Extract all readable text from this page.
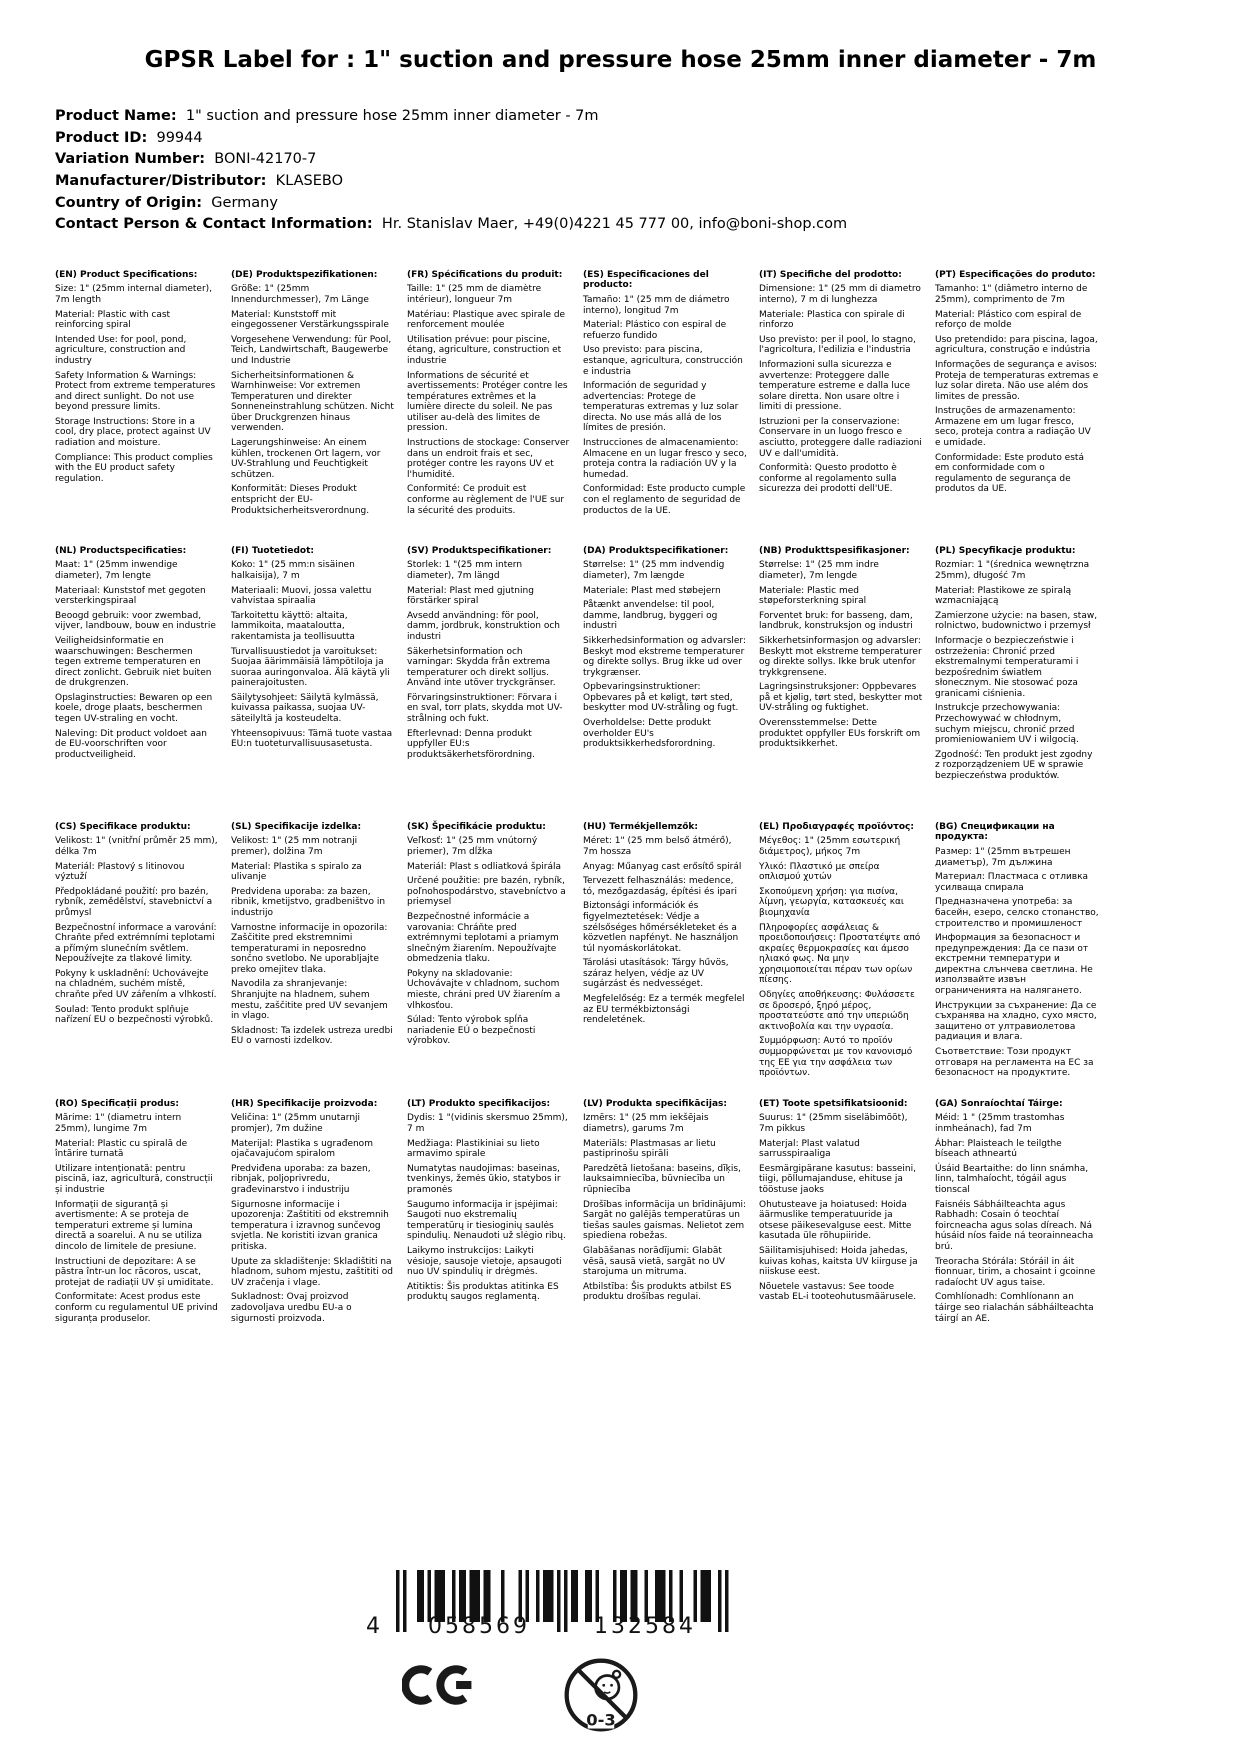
GPSR Label for : 1" suction and pressure hose 25mm inner diameter - 7m
Product Name:  1" suction and pressure hose 25mm inner diameter - 7m
Product ID:  99944
Variation Number:  BONI-42170-7
Manufacturer/Distributor:  KLASEBO
Country of Origin:  Germany
Contact Person & Contact Information:  Hr. Stanislav Maer, +49(0)4221 45 777 00, info@boni-shop.com
(EN) Product Specifications:

Size: 1" (25mm internal diameter), 7m length

Material: Plastic with cast reinforcing spiral

Intended Use: for pool, pond, agriculture, construction and industry

Safety Information & Warnings: Protect from extreme temperatures and direct sunlight. Do not use beyond pressure limits.

Storage Instructions: Store in a cool, dry place, protect against UV radiation and moisture.

Compliance: This product complies with the EU product safety regulation.

(DE) Produktspezifikationen:

Größe: 1" (25mm Innendurchmesser), 7m Länge

Material: Kunststoff mit eingegossener Verstärkungsspirale

Vorgesehene Verwendung: für Pool, Teich, Landwirtschaft, Baugewerbe und Industrie

Sicherheitsinformationen & Warnhinweise: Vor extremen Temperaturen und direkter Sonneneinstrahlung schützen. Nicht über Druckgrenzen hinaus verwenden.

Lagerungshinweise: An einem kühlen, trockenen Ort lagern, vor UV-Strahlung und Feuchtigkeit schützen.

Konformität: Dieses Produkt entspricht der EU-Produktsicherheitsverordnung.

(FR) Spécifications du produit:

Taille: 1" (25 mm de diamètre intérieur), longueur 7m

Matériau: Plastique avec spirale de renforcement moulée

Utilisation prévue: pour piscine, étang, agriculture, construction et industrie

Informations de sécurité et avertissements: Protéger contre les températures extrêmes et la lumière directe du soleil. Ne pas utiliser au-delà des limites de pression.

Instructions de stockage: Conserver dans un endroit frais et sec, protéger contre les rayons UV et l'humidité.

Conformité: Ce produit est conforme au règlement de l'UE sur la sécurité des produits.

(ES) Especificaciones del producto:

Tamaño: 1" (25 mm de diámetro interno), longitud 7m

Material: Plástico con espiral de refuerzo fundido

Uso previsto: para piscina, estanque, agricultura, construcción e industria

Información de seguridad y advertencias: Protege de temperaturas extremas y luz solar directa. No use más allá de los límites de presión.

Instrucciones de almacenamiento: Almacene en un lugar fresco y seco, proteja contra la radiación UV y la humedad.

Conformidad: Este producto cumple con el reglamento de seguridad de productos de la UE.

(IT) Specifiche del prodotto:

Dimensione: 1" (25 mm di diametro interno), 7 m di lunghezza

Materiale: Plastica con spirale di rinforzo

Uso previsto: per il pool, lo stagno, l'agricoltura, l'edilizia e l'industria

Informazioni sulla sicurezza e avvertenze: Proteggere dalle temperature estreme e dalla luce solare diretta. Non usare oltre i limiti di pressione.

Istruzioni per la conservazione: Conservare in un luogo fresco e asciutto, proteggere dalle radiazioni UV e dall'umidità.

Conformità: Questo prodotto è conforme al regolamento sulla sicurezza dei prodotti dell'UE.

(PT) Especificações do produto:

Tamanho: 1" (diâmetro interno de 25mm), comprimento de 7m

Material: Plástico com espiral de reforço de molde

Uso pretendido: para piscina, lagoa, agricultura, construção e indústria

Informações de segurança e avisos: Proteja de temperaturas extremas e luz solar direta. Não use além dos limites de pressão.

Instruções de armazenamento: Armazene em um lugar fresco, seco, proteja contra a radiação UV e umidade.

Conformidade: Este produto está em conformidade com o regulamento de segurança de produtos da UE.

(NL) Productspecificaties:

Maat: 1" (25mm inwendige diameter), 7m lengte

Materiaal: Kunststof met gegoten versterkingspiraal

Beoogd gebruik: voor zwembad, vijver, landbouw, bouw en industrie

Veiligheidsinformatie en waarschuwingen: Beschermen tegen extreme temperaturen en direct zonlicht. Gebruik niet buiten de drukgrenzen.

Opslaginstructies: Bewaren op een koele, droge plaats, beschermen tegen UV-straling en vocht.

Naleving: Dit product voldoet aan de EU-voorschriften voor productveiligheid.

(FI) Tuotetiedot:

Koko: 1" (25 mm:n sisäinen halkaisija), 7 m

Materiaali: Muovi, jossa valettu vahvistaa spiraalia

Tarkoitettu käyttö: altaita, lammikoita, maataloutta, rakentamista ja teollisuutta

Turvallisuustiedot ja varoitukset: Suojaa äärimmäisiä lämpötiloja ja suoraa auringonvaloa. Älä käytä yli painerajoitusten.

Säilytysohjeet: Säilytä kylmässä, kuivassa paikassa, suojaa UV-säteilyltä ja kosteudelta.

Yhteensopivuus: Tämä tuote vastaa EU:n tuoteturvallisuusasetusta.

(SV) Produktspecifikationer:

Storlek: 1 "(25 mm intern diameter), 7m längd

Material: Plast med gjutning förstärker spiral

Avsedd användning: för pool, damm, jordbruk, konstruktion och industri

Säkerhetsinformation och varningar: Skydda från extrema temperaturer och direkt solljus. Använd inte utöver tryckgränser.

Förvaringsinstruktioner: Förvara i en sval, torr plats, skydda mot UV-strålning och fukt.

Efterlevnad: Denna produkt uppfyller EU:s produktsäkerhetsförordning.

(DA) Produktspecifikationer:

Størrelse: 1" (25 mm indvendig diameter), 7m længde

Materiale: Plast med støbejern

Påtænkt anvendelse: til pool, damme, landbrug, byggeri og industri

Sikkerhedsinformation og advarsler: Beskyt mod ekstreme temperaturer og direkte sollys. Brug ikke ud over trykgrænser.

Opbevaringsinstruktioner: Opbevares på et køligt, tørt sted, beskytter mod UV-stråling og fugt.

Overholdelse: Dette produkt overholder EU's produktsikkerhedsforordning.

(NB) Produkttspesifikasjoner:

Størrelse: 1" (25 mm indre diameter), 7m lengde

Materiale: Plastic med støpeforsterkning spiral

Forventet bruk: for basseng, dam, landbruk, konstruksjon og industri

Sikkerhetsinformasjon og advarsler: Beskytt mot ekstreme temperaturer og direkte sollys. Ikke bruk utenfor trykkgrensene.

Lagringsinstruksjoner: Oppbevares på et kjølig, tørt sted, beskytter mot UV-stråling og fuktighet.

Overensstemmelse: Dette produktet oppfyller EUs forskrift om produktsikkerhet.

(PL) Specyfikacje produktu:

Rozmiar: 1 "(średnica wewnętrzna 25mm), długość 7m

Materiał: Plastikowe ze spiralą wzmacniającą

Zamierzone użycie: na basen, staw, rolnictwo, budownictwo i przemysł

Informacje o bezpieczeństwie i ostrzeżenia: Chronić przed ekstremalnymi temperaturami i bezpośrednim światłem słonecznym. Nie stosować poza granicami ciśnienia.

Instrukcje przechowywania: Przechowywać w chłodnym, suchym miejscu, chronić przed promieniowaniem UV i wilgocią.

Zgodność: Ten produkt jest zgodny z rozporządzeniem UE w sprawie bezpieczeństwa produktów.

(CS) Specifikace produktu:

Velikost: 1" (vnitřní průměr 25 mm), délka 7m

Materiál: Plastový s litinovou výztuží

Předpokládané použití: pro bazén, rybník, zemědělství, stavebnictví a průmysl

Bezpečnostní informace a varování: Chraňte před extrémními teplotami a přímým slunečním světlem. Nepoužívejte za tlakové limity.

Pokyny k uskladnění: Uchovávejte na chladném, suchém místě, chraňte před UV zářením a vlhkostí.

Soulad: Tento produkt splňuje nařízení EU o bezpečnosti výrobků.

(SL) Specifikacije izdelka:

Velikost: 1" (25 mm notranji premer), dolžina 7m

Material: Plastika s spiralo za ulivanje

Predvidena uporaba: za bazen, ribnik, kmetijstvo, gradbeništvo in industrijo

Varnostne informacije in opozorila: Zaščitite pred ekstremnimi temperaturami in neposredno sončno svetlobo. Ne uporabljajte preko omejitev tlaka.

Navodila za shranjevanje: Shranjujte na hladnem, suhem mestu, zaščitite pred UV sevanjem in vlago.

Skladnost: Ta izdelek ustreza uredbi EU o varnosti izdelkov.

(SK) Špecifikácie produktu:

Veľkosť: 1" (25 mm vnútorný priemer), 7m dĺžka

Materiál: Plast s odliatková špirála

Určené použitie: pre bazén, rybník, poľnohospodárstvo, stavebníctvo a priemysel

Bezpečnostné informácie a varovania: Chráňte pred extrémnymi teplotami a priamym slnečným žiarením. Nepoužívajte obmedzenia tlaku.

Pokyny na skladovanie: Uchovávajte v chladnom, suchom mieste, chráni pred UV žiarením a vlhkosťou.

Súlad: Tento výrobok spĺňa nariadenie EÚ o bezpečnosti výrobkov.

(HU) Termékjellemzők:

Méret: 1" (25 mm belső átmérő), 7m hossza

Anyag: Műanyag cast erősítő spirál

Tervezett felhasználás: medence, tó, mezőgazdaság, építési és ipari

Biztonsági információk és figyelmeztetések: Védje a szélsőséges hőmérsékleteket és a közvetlen napfényt. Ne használjon túl nyomáskorlátokat.

Tárolási utasítások: Tárgy hűvös, száraz helyen, védje az UV sugárzást és nedvességet.

Megfelelőség: Ez a termék megfelel az EU termékbiztonsági rendeletének.

(EL) Προδιαγραφές προϊόντος:

Μέγεθος: 1" (25mm εσωτερική διάμετρος), μήκος 7m

Υλικό: Πλαστικό με σπείρα οπλισμού χυτών

Σκοπούμενη χρήση: για πισίνα, λίμνη, γεωργία, κατασκευές και βιομηχανία

Πληροφορίες ασφάλειας & προειδοποιήσεις: Προστατέψτε από ακραίες θερμοκρασίες και άμεσο ηλιακό φως. Να μην χρησιμοποιείται πέραν των ορίων πίεσης.

Οδηγίες αποθήκευσης: Φυλάσσετε σε δροσερό, ξηρό μέρος, προστατεύστε από την υπεριώδη ακτινοβολία και την υγρασία.

Συμμόρφωση: Αυτό το προϊόν συμμορφώνεται με τον κανονισμό της ΕΕ για την ασφάλεια των προϊόντων.

(BG) Спецификации на продукта:

Размер: 1" (25mm вътрешен диаметър), 7m дължина

Материал: Пластмаса с отливка усилваща спирала

Предназначена употреба: за басейн, езеро, селско стопанство, строителство и промишленост

Информация за безопасност и предупреждения: Да се пази от екстремни температури и директна слънчева светлина. Не използвайте извън ограниченията на налягането.

Инструкции за съхранение: Да се съхранява на хладно, сухо място, защитено от ултравиолетова радиация и влага.

Съответствие: Този продукт отговаря на регламента на ЕС за безопасност на продуктите.

(RO) Specificații produs:

Mărime: 1" (diametru intern 25mm), lungime 7m

Material: Plastic cu spirală de întărire turnată

Utilizare intenționată: pentru piscină, iaz, agricultură, construcții și industrie

Informații de siguranță și avertismente: A se proteja de temperaturi extreme și lumina directă a soarelui. A nu se utiliza dincolo de limitele de presiune.

Instructiuni de depozitare: A se păstra într-un loc răcoros, uscat, protejat de radiații UV și umiditate.

Conformitate: Acest produs este conform cu regulamentul UE privind siguranța produselor.

(HR) Specifikacije proizvoda:

Veličina: 1" (25mm unutarnji promjer), 7m dužine

Materijal: Plastika s ugrađenom ojačavajućom spiralom

Predviđena uporaba: za bazen, ribnjak, poljoprivredu, građevinarstvo i industriju

Sigurnosne informacije i upozorenja: Zaštititi od ekstremnih temperatura i izravnog sunčevog svjetla. Ne koristiti izvan granica pritiska.

Upute za skladištenje: Skladištiti na hladnom, suhom mjestu, zaštititi od UV zračenja i vlage.

Sukladnost: Ovaj proizvod zadovoljava uredbu EU-a o sigurnosti proizvoda.

(LT) Produkto specifikacijos:

Dydis: 1 "(vidinis skersmuo 25mm), 7 m

Medžiaga: Plastikiniai su lieto armavimo spirale

Numatytas naudojimas: baseinas, tvenkinys, žemės ūkio, statybos ir pramonės

Saugumo informacija ir įspėjimai: Saugoti nuo ekstremalių temperatūrų ir tiesioginių saulės spindulių. Nenaudoti už slėgio ribų.

Laikymo instrukcijos: Laikyti vėsioje, sausoje vietoje, apsaugoti nuo UV spindulių ir drėgmės.

Atitiktis: Šis produktas atitinka ES produktų saugos reglamentą.

(LV) Produkta specifikācijas:

Izmērs: 1" (25 mm iekšējais diametrs), garums 7m

Materiāls: Plastmasas ar lietu pastiprinošu spirāli

Paredzētā lietošana: baseins, dīķis, lauksaimniecība, būvniecība un rūpniecība

Drošības informācija un brīdinājumi: Sargāt no galējās temperatūras un tiešas saules gaismas. Nelietot zem spiediena robežas.

Glabāšanas norādījumi: Glabāt vēsā, sausā vietā, sargāt no UV starojuma un mitruma.

Atbilstība: Šis produkts atbilst ES produktu drošības regulai.

(ET) Toote spetsifikatsioonid:

Suurus: 1" (25mm siseläbimõõt), 7m pikkus

Materjal: Plast valatud sarrusspiraaliga

Eesmärgipärane kasutus: basseini, tiigi, põllumajanduse, ehituse ja tööstuse jaoks

Ohutusteave ja hoiatused: Hoida äärmuslike temperatuuride ja otsese päikesevalguse eest. Mitte kasutada üle rõhupiiride.

Säilitamisjuhised: Hoida jahedas, kuivas kohas, kaitsta UV kiirguse ja niiskuse eest.

Nõuetele vastavus: See toode vastab EL-i tooteohutusmäärusele.

(GA) Sonraíochtaí Táirge:

Méid: 1 " (25mm trastomhas inmheánach), fad 7m

Ábhar: Plaisteach le teilgthe bíseach athneartú

Úsáid Beartaithe: do linn snámha, linn, talmhaíocht, tógáil agus tionscal

Faisnéis Sábháilteachta agus Rabhadh: Cosain ó teochtaí foircneacha agus solas díreach. Ná húsáid níos faide ná teorainneacha brú.

Treoracha Stórála: Stóráil in áit fionnuar, tirim, a chosaint i gcoinne radaíocht UV agus taise.

Comhlíonadh: Comhlíonann an táirge seo rialachán sábháilteachta táirgí an AE.

4	058569	132584
0-3
